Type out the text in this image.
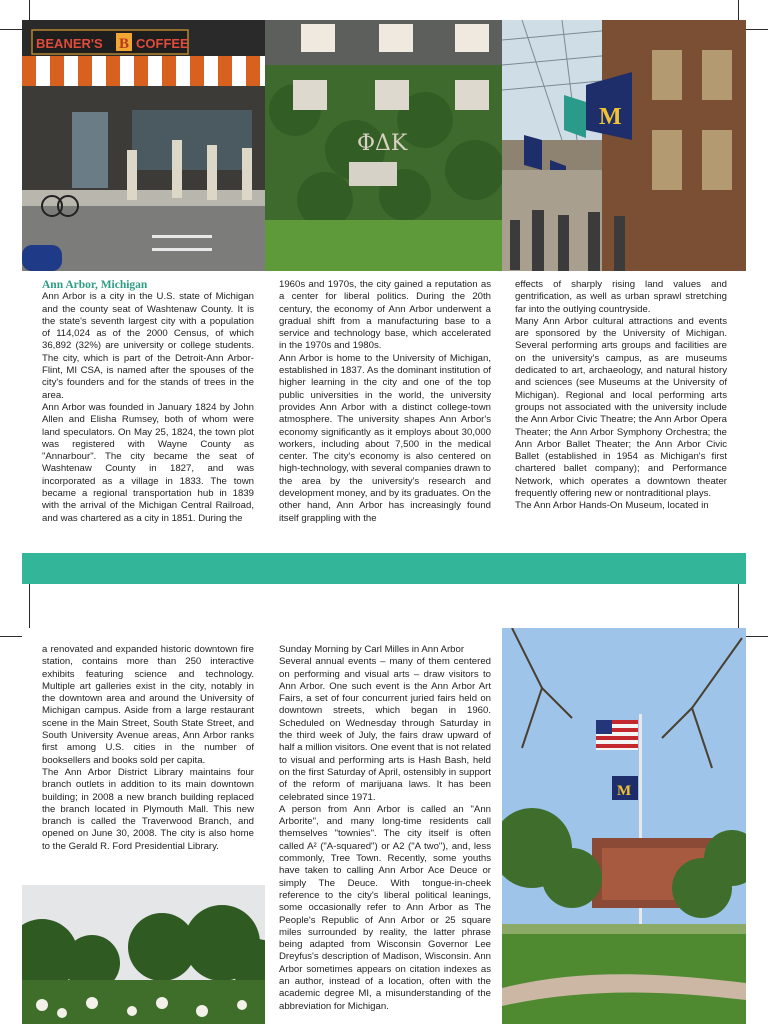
BEANER'S B COFFEE
ΦΔΚ
M
Ann Arbor, Michigan

Ann Arbor is a city in the U.S. state of Michigan and the county seat of Washtenaw County. It is the state's seventh largest city with a population of 114,024 as of the 2000 Census, of which 36,892 (32%) are university or college students. The city, which is part of the Detroit-Ann Arbor-Flint, MI CSA, is named after the spouses of the city's founders and for the stands of trees in the area.

Ann Arbor was founded in January 1824 by John Allen and Elisha Rumsey, both of whom were land speculators. On May 25, 1824, the town plot was registered with Wayne County as "Annarbour". The city became the seat of Washtenaw County in 1827, and was incorporated as a village in 1833. The town became a regional transportation hub in 1839 with the arrival of the Michigan Central Railroad, and was chartered as a city in 1851. During the

1960s and 1970s, the city gained a reputation as a center for liberal politics. During the 20th century, the economy of Ann Arbor underwent a gradual shift from a manufacturing base to a service and technology base, which accelerated in the 1970s and 1980s.

Ann Arbor is home to the University of Michigan, established in 1837. As the dominant institution of higher learning in the city and one of the top public universities in the world, the university provides Ann Arbor with a distinct college-town atmosphere. The university shapes Ann Arbor's economy significantly as it employs about 30,000 workers, including about 7,500 in the medical center. The city's economy is also centered on high-technology, with several companies drawn to the area by the university's research and development money, and by its graduates. On the other hand, Ann Arbor has increasingly found itself grappling with the

effects of sharply rising land values and gentrification, as well as urban sprawl stretching far into the outlying countryside.

Many Ann Arbor cultural attractions and events are sponsored by the University of Michigan. Several performing arts groups and facilities are on the university's campus, as are museums dedicated to art, archaeology, and natural history and sciences (see Museums at the University of Michigan). Regional and local performing arts groups not associated with the university include the Ann Arbor Civic Theatre; the Ann Arbor Opera Theater; the Ann Arbor Symphony Orchestra; the Ann Arbor Ballet Theater; the Ann Arbor Civic Ballet (established in 1954 as Michigan's first chartered ballet company); and Performance Network, which operates a downtown theater frequently offering new or nontraditional plays.

The Ann Arbor Hands-On Museum, located in

a renovated and expanded historic downtown fire station, contains more than 250 interactive exhibits featuring science and technology. Multiple art galleries exist in the city, notably in the downtown area and around the University of Michigan campus. Aside from a large restaurant scene in the Main Street, South State Street, and South University Avenue areas, Ann Arbor ranks first among U.S. cities in the number of booksellers and books sold per capita.

The Ann Arbor District Library maintains four branch outlets in addition to its main downtown building; in 2008 a new branch building replaced the branch located in Plymouth Mall. This new branch is called the Traverwood Branch, and opened on June 30, 2008. The city is also home to the Gerald R. Ford Presidential Library.

Sunday Morning by Carl Milles in Ann Arbor

Several annual events – many of them centered on performing and visual arts – draw visitors to Ann Arbor. One such event is the Ann Arbor Art Fairs, a set of four concurrent juried fairs held on downtown streets, which began in 1960. Scheduled on Wednesday through Saturday in the third week of July, the fairs draw upward of half a million visitors. One event that is not related to visual and performing arts is Hash Bash, held on the first Saturday of April, ostensibly in support of the reform of marijuana laws. It has been celebrated since 1971.

A person from Ann Arbor is called an "Ann Arborite", and many long-time residents call themselves "townies". The city itself is often called A² ("A-squared") or A2 ("A two"), and, less commonly, Tree Town. Recently, some youths have taken to calling Ann Arbor Ace Deuce or simply The Deuce. With tongue-in-cheek reference to the city's liberal political leanings, some occasionally refer to Ann Arbor as The People's Republic of Ann Arbor or 25 square miles surrounded by reality, the latter phrase being adapted from Wisconsin Governor Lee Dreyfus's description of Madison, Wisconsin. Ann Arbor sometimes appears on citation indexes as an author, instead of a location, often with the academic degree MI, a misunderstanding of the abbreviation for Michigan.

M
